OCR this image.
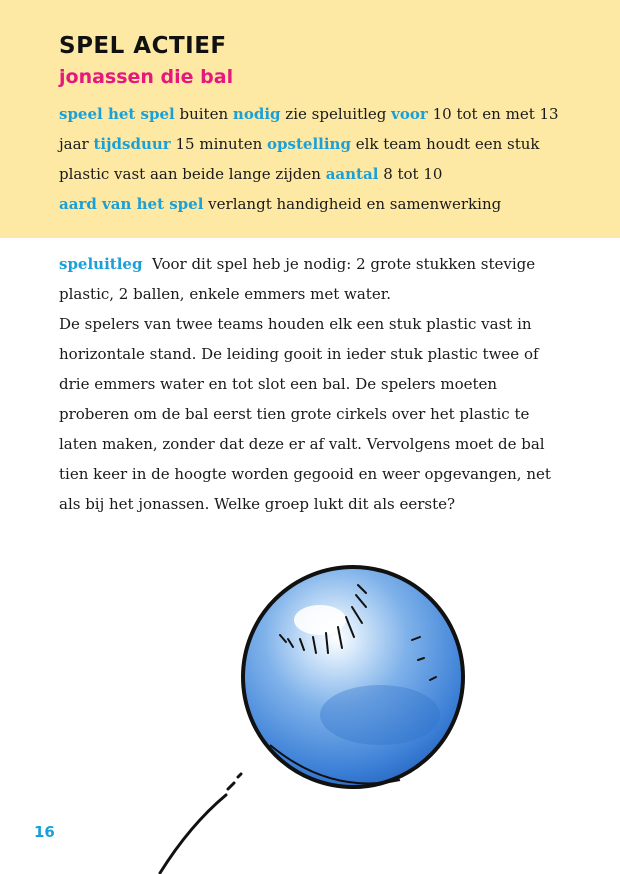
SPEL ACTIEF
jonassen die bal

speel het spel buiten nodig zie speluitleg voor 10 tot en met 13 jaar tijdsduur 15 minuten opstelling elk team houdt een stuk plastic vast aan beide lange zijden aantal 8 tot 10
aard van het spel verlangt handigheid en samenwerking

speluitleg Voor dit spel heb je nodig: 2 grote stukken stevige plastic, 2 ballen, enkele emmers met water.
De spelers van twee teams houden elk een stuk plastic vast in horizontale stand. De leiding gooit in ieder stuk plastic twee of drie emmers water en tot slot een bal. De spelers moeten proberen om de bal eerst tien grote cirkels over het plastic te laten maken, zonder dat deze er af valt. Vervolgens moet de bal tien keer in de hoogte worden gegooid en weer opgevangen, net als bij het jonassen. Welke groep lukt dit als eerste?

16
